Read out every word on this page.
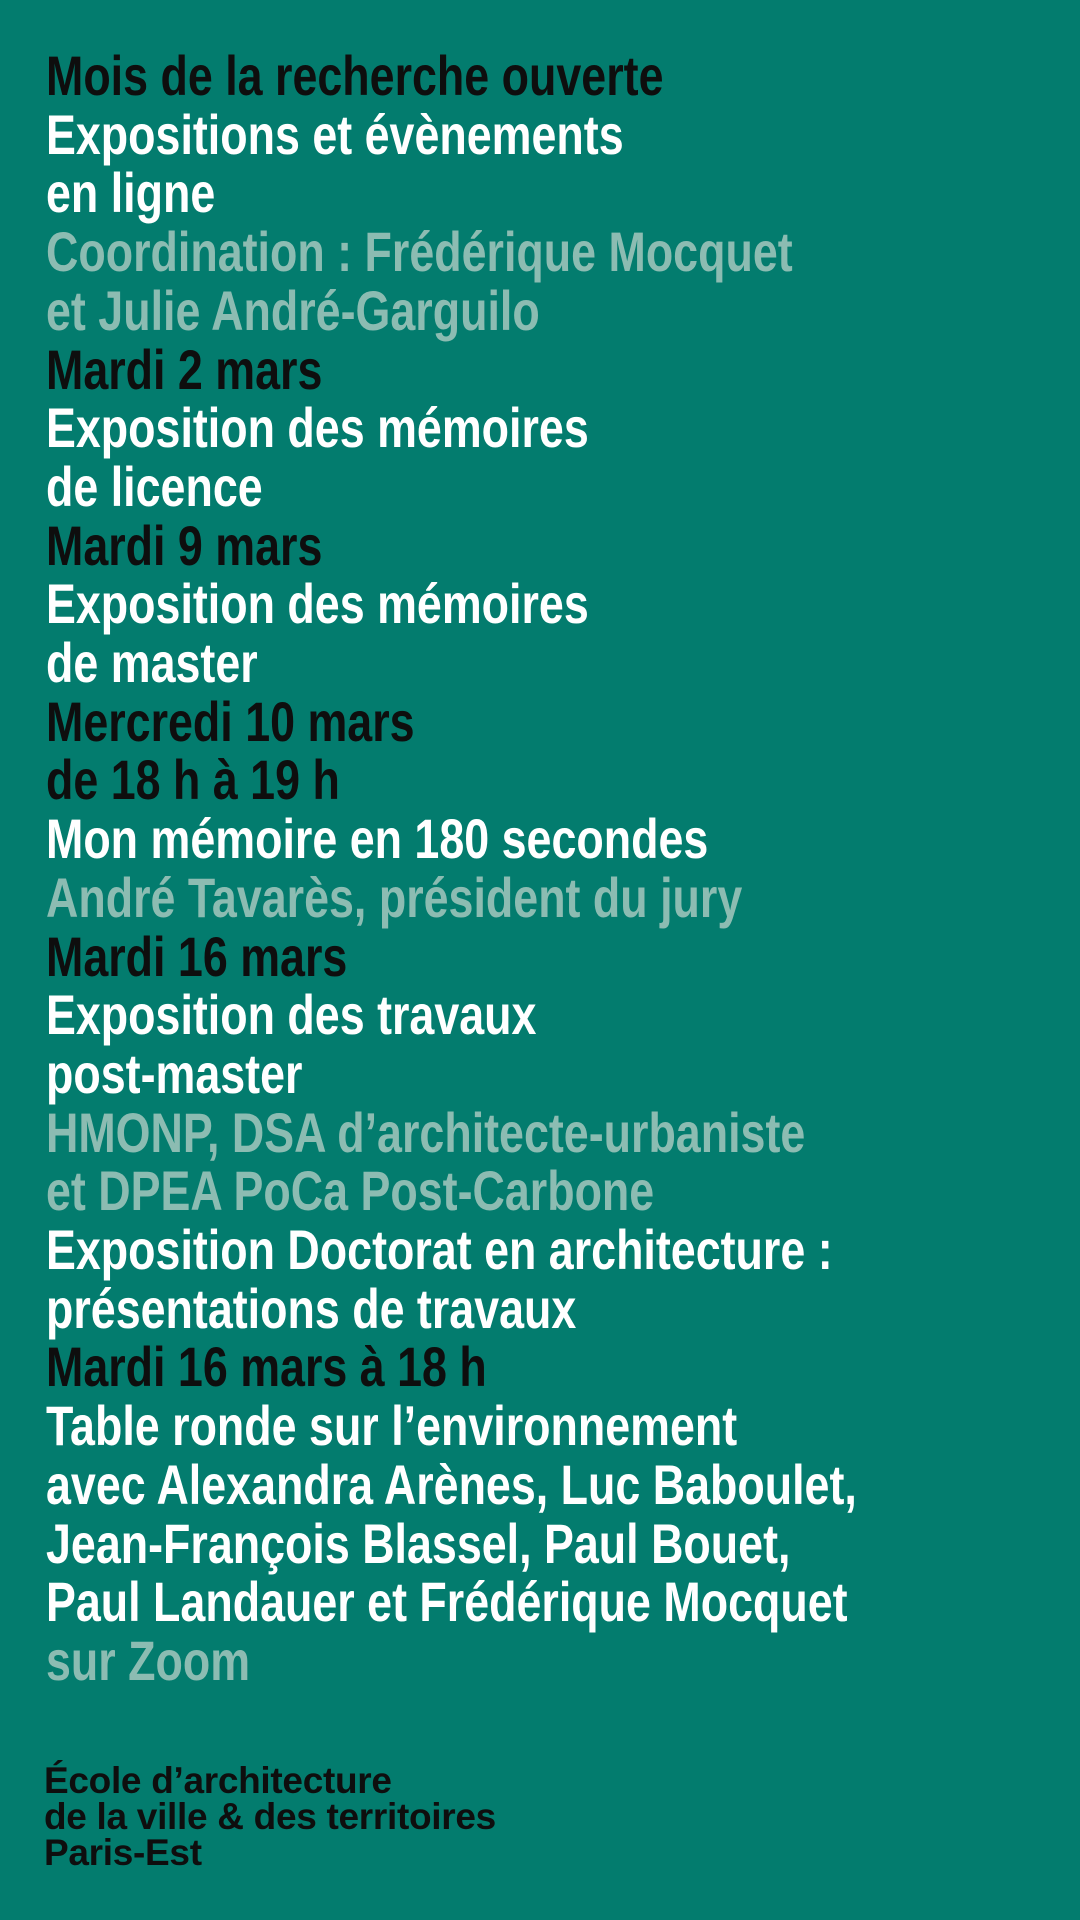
Mois de la recherche ouverte
Expositions et évènements
en ligne
Coordination : Frédérique Mocquet
et Julie André-Garguilo
Mardi 2 mars
Exposition des mémoires
de licence
Mardi 9 mars
Exposition des mémoires
de master
Mercredi 10 mars
de 18 h à 19 h
Mon mémoire en 180 secondes
André Tavarès, président du jury
Mardi 16 mars
Exposition des travaux
post-master
HMONP, DSA d’architecte-urbaniste
et DPEA PoCa Post-Carbone
Exposition Doctorat en architecture :
présentations de travaux
Mardi 16 mars à 18 h
Table ronde sur l’environnement
avec Alexandra Arènes, Luc Baboulet,
Jean-François Blassel, Paul Bouet,
Paul Landauer et Frédérique Mocquet
sur Zoom
École d’architecture
de la ville & des territoires
Paris-Est
